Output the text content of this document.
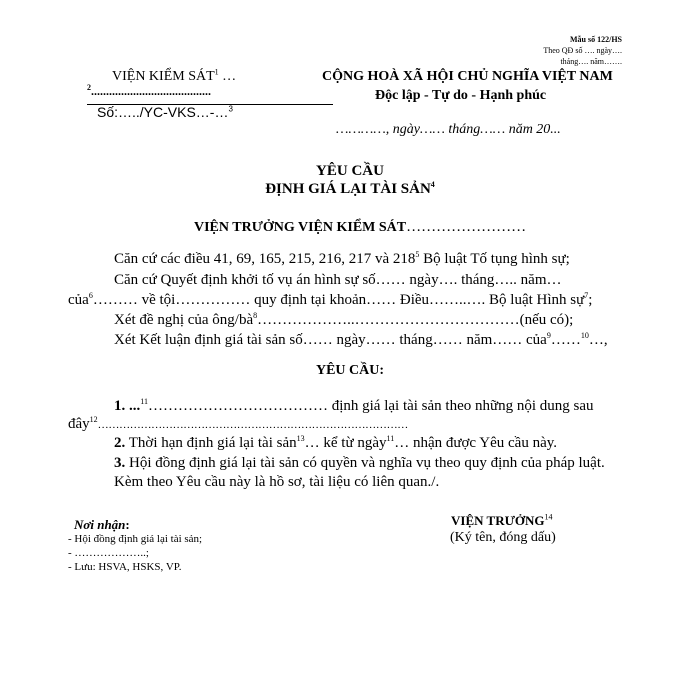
Mẫu số 122/HS
Theo QĐ số …. ngày….
tháng…. năm…….
VIỆN KIỂM SÁT$^1$ …
$^2$........................................
Số:…../YC-VKS…-…$^3$
CỘNG HOÀ XÃ HỘI CHỦ NGHĨA VIỆT NAM
Độc lập - Tự do - Hạnh phúc
…………, ngày…… tháng…… năm 20...
YÊU CẦU
ĐỊNH GIÁ LẠI TÀI SẢN$^4$
VIỆN TRƯỞNG VIỆN KIỂM SÁT……………………
Căn cứ các điều 41, 69, 165, 215, 216, 217 và $218^5$ Bộ luật Tố tụng hình sự;
Căn cứ Quyết định khởi tố vụ án hình sự số…… ngày…. tháng….. năm…
của$^6$……… về tội…………… quy định tại khoản…… Điều……..…. Bộ luật Hình sự$^7$;
Xét đề nghị của ông/$bà^8\dots\dots\dots\dots\dots\dots..\dots\dots\dots\dots\dots\dots\dots\dots\dots\dots\dots(nếu$ có);
Xét Kết luận định giá tài sản số…… ngày…… tháng…… năm…… của$^9$……$^{10}$…,
YÊU CẦU:
1. ...$^{11}$……………………………… định giá lại tài sản theo những nội dung sau
đây$^{12}$……………………………………………………………………………
2. Thời hạn định giá lại tài sản$^{13}$… kể từ ngày$^{11}$… nhận được Yêu cầu này.
3. Hội đồng định giá lại tài sản có quyền và nghĩa vụ theo quy định của pháp luật.
Kèm theo Yêu cầu này là hồ sơ, tài liệu có liên quan./.
Nơi nhận:
- Hội đồng định giá lại tài sản;
- ………………..;
- Lưu: HSVA, HSKS, VP.
VIỆN TRƯỞNG$^{14}$
(Ký tên, đóng dấu)
